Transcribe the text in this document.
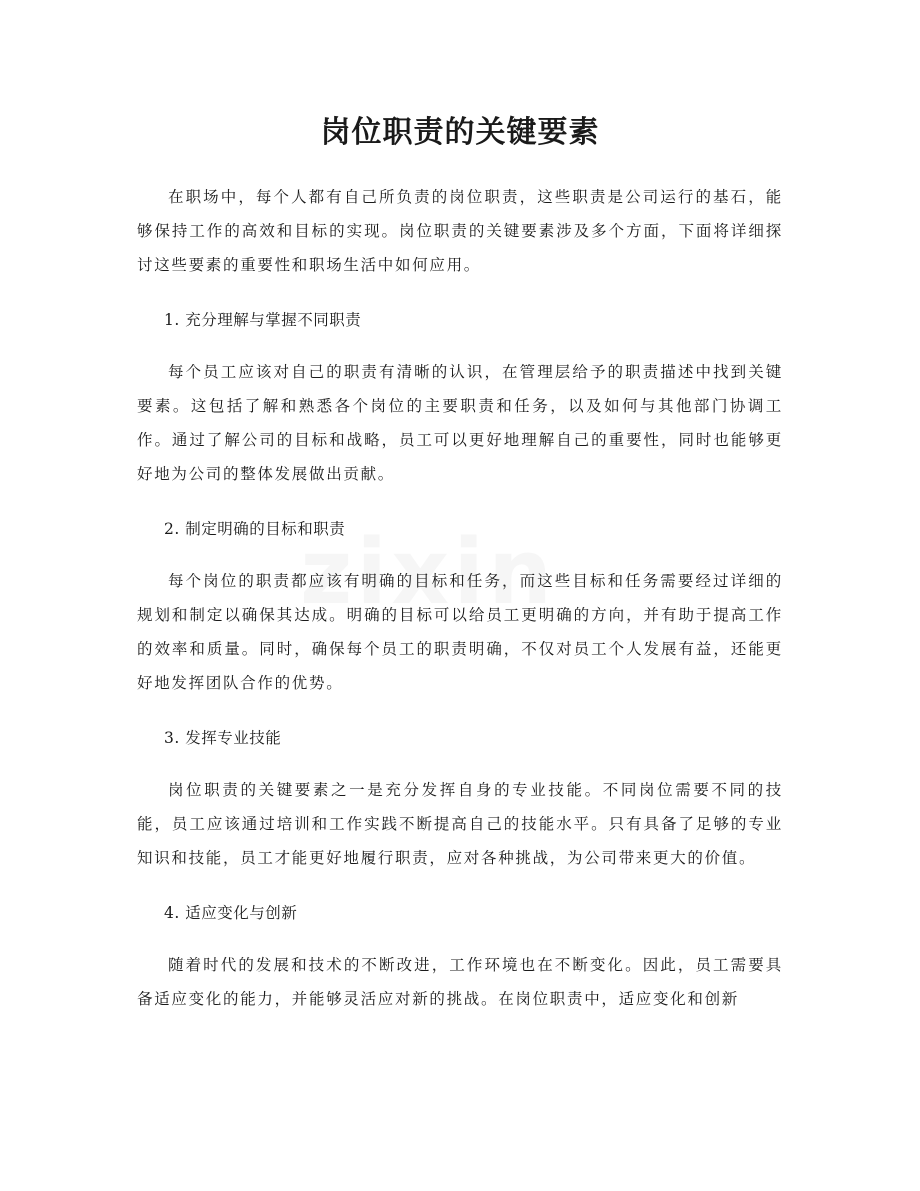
岗位职责的关键要素

在职场中，每个人都有自己所负责的岗位职责，这些职责是公司运行的基石，能够保持工作的高效和目标的实现。岗位职责的关键要素涉及多个方面，下面将详细探讨这些要素的重要性和职场生活中如何应用。

1. 充分理解与掌握不同职责

每个员工应该对自己的职责有清晰的认识，在管理层给予的职责描述中找到关键要素。这包括了解和熟悉各个岗位的主要职责和任务，以及如何与其他部门协调工作。通过了解公司的目标和战略，员工可以更好地理解自己的重要性，同时也能够更好地为公司的整体发展做出贡献。

2. 制定明确的目标和职责

每个岗位的职责都应该有明确的目标和任务，而这些目标和任务需要经过详细的规划和制定以确保其达成。明确的目标可以给员工更明确的方向，并有助于提高工作的效率和质量。同时，确保每个员工的职责明确，不仅对员工个人发展有益，还能更好地发挥团队合作的优势。

3. 发挥专业技能

岗位职责的关键要素之一是充分发挥自身的专业技能。不同岗位需要不同的技能，员工应该通过培训和工作实践不断提高自己的技能水平。只有具备了足够的专业知识和技能，员工才能更好地履行职责，应对各种挑战，为公司带来更大的价值。

4. 适应变化与创新

随着时代的发展和技术的不断改进，工作环境也在不断变化。因此，员工需要具备适应变化的能力，并能够灵活应对新的挑战。在岗位职责中，适应变化和创新
